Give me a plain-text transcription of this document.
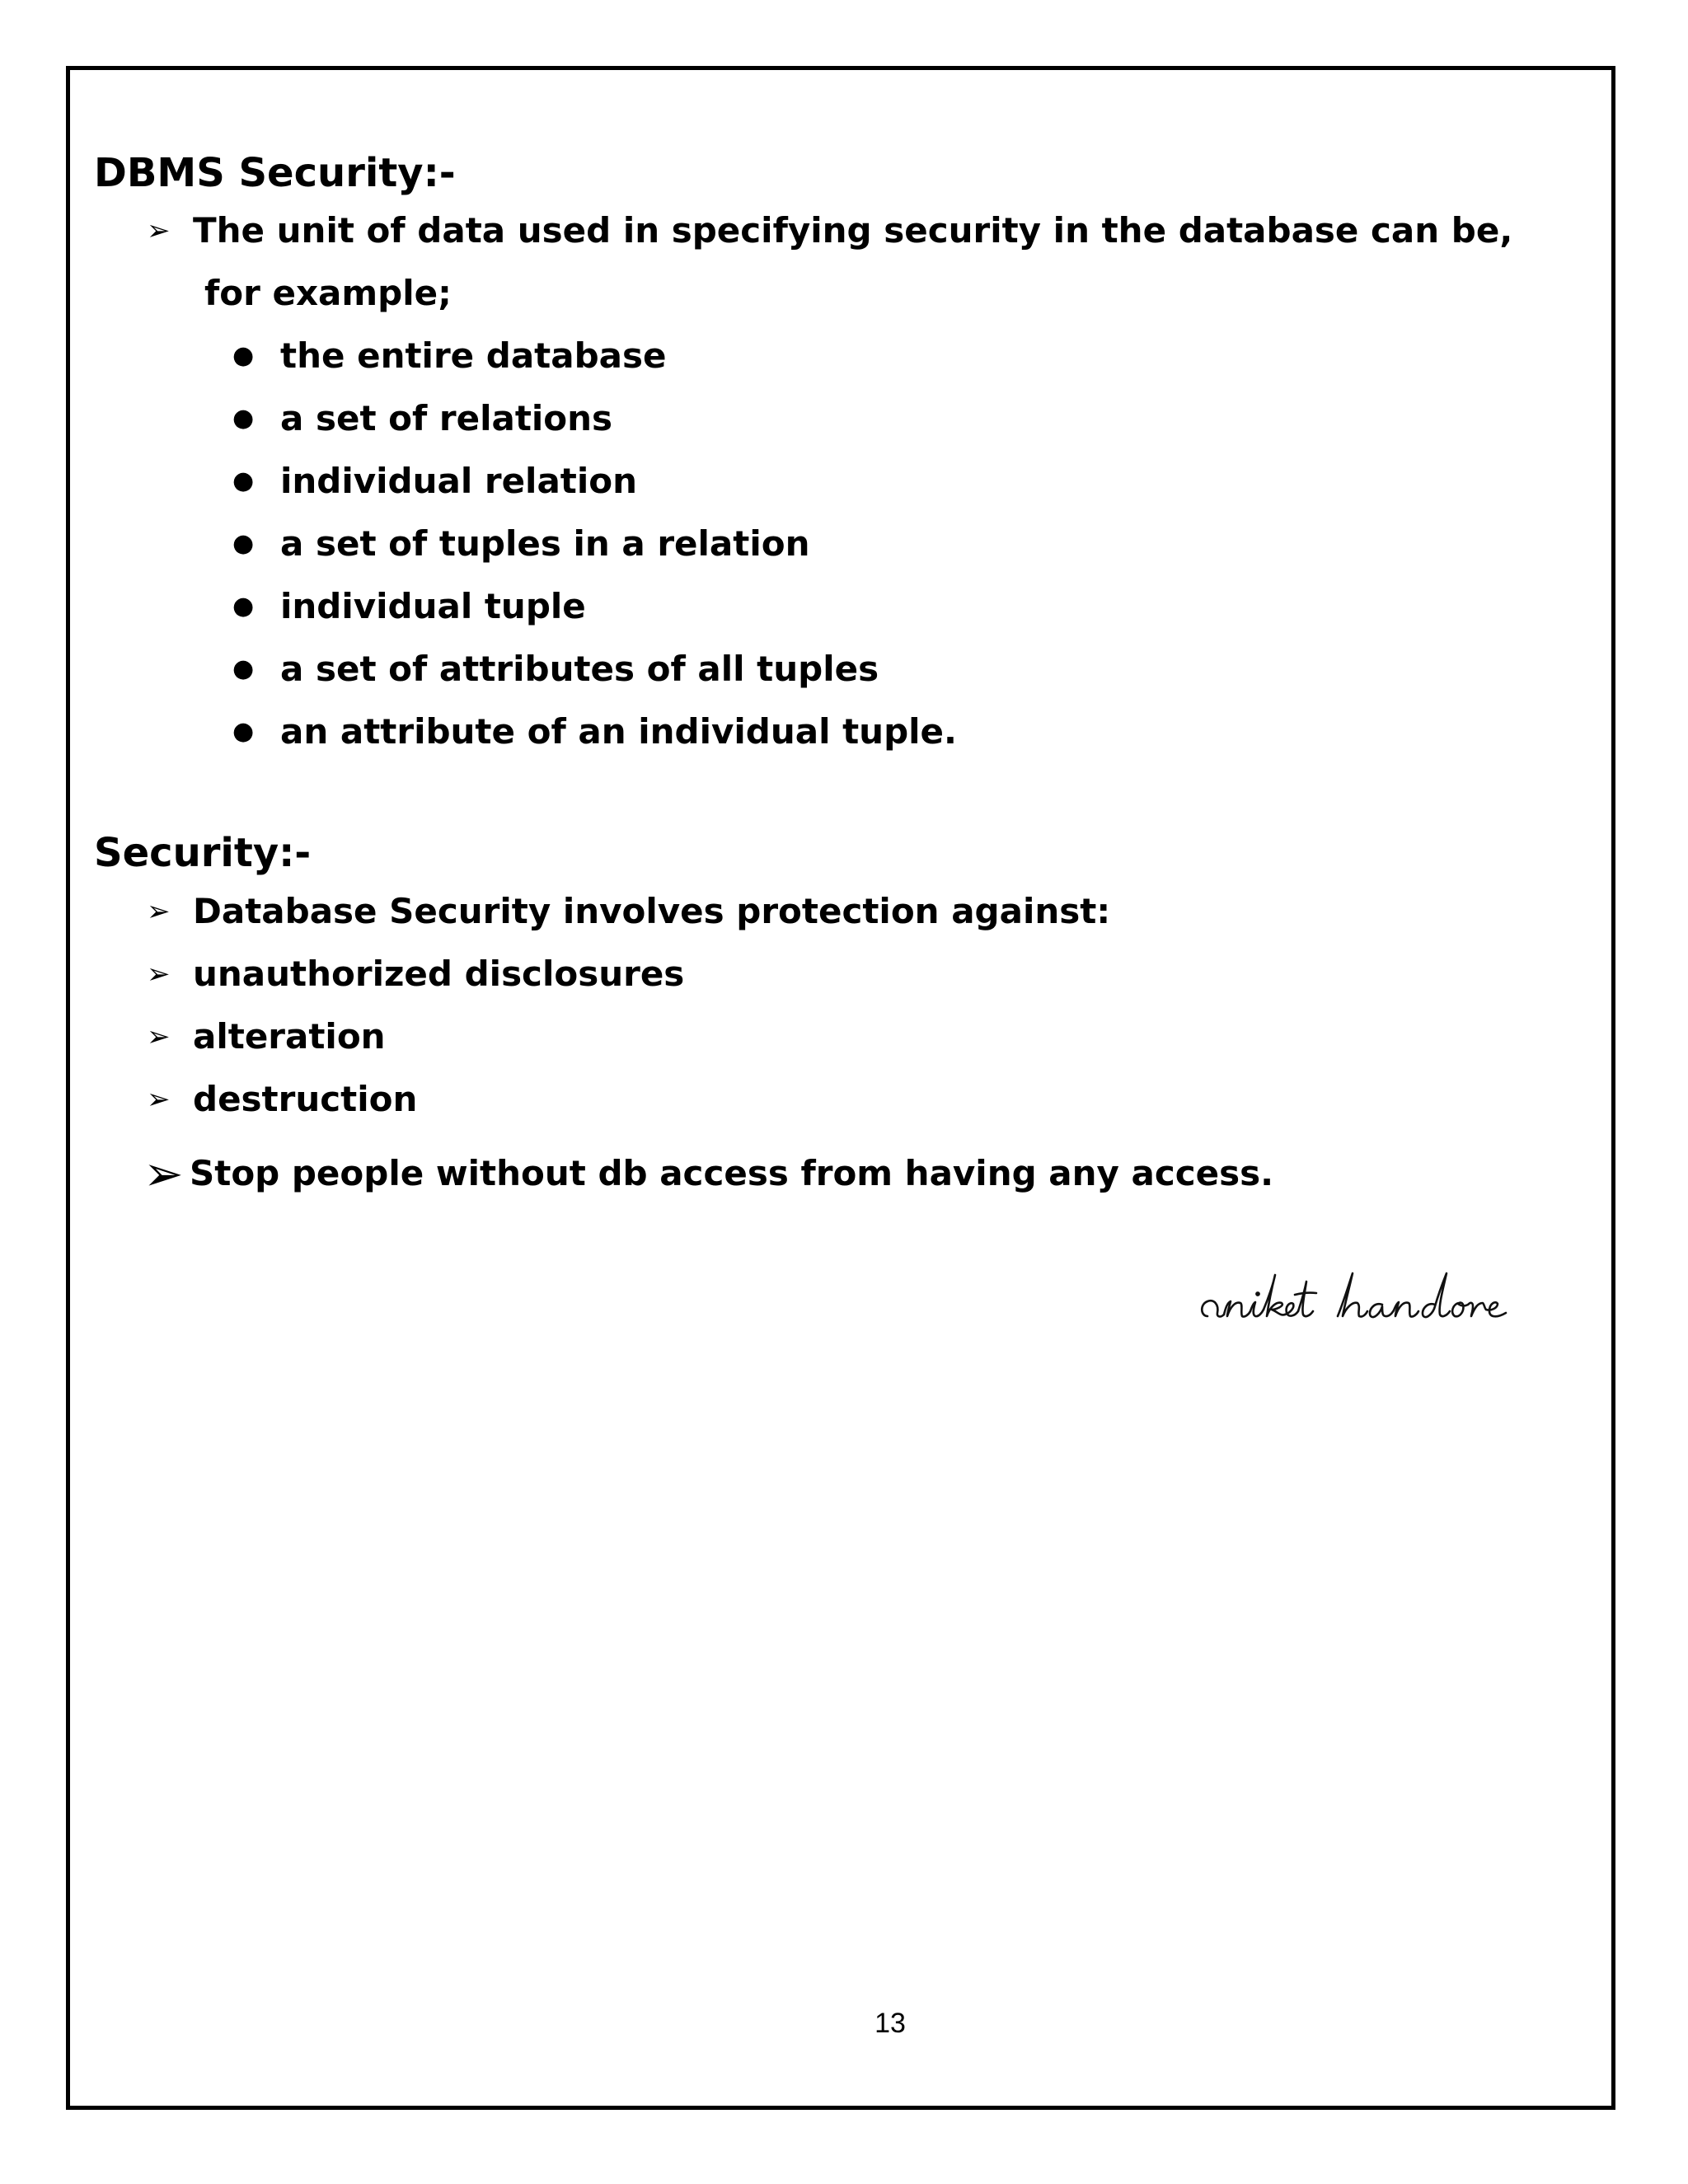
DBMS Security:-
➢ The unit of data used in specifying security in the database can be,
for example;
● the entire database
● a set of relations
● individual relation
● a set of tuples in a relation
● individual tuple
● a set of attributes of all tuples
● an attribute of an individual tuple.
Security:-
➢ Database Security involves protection against:
➢ unauthorized disclosures
➢ alteration
➢ destruction
➢ Stop people without db access from having any access.
13
